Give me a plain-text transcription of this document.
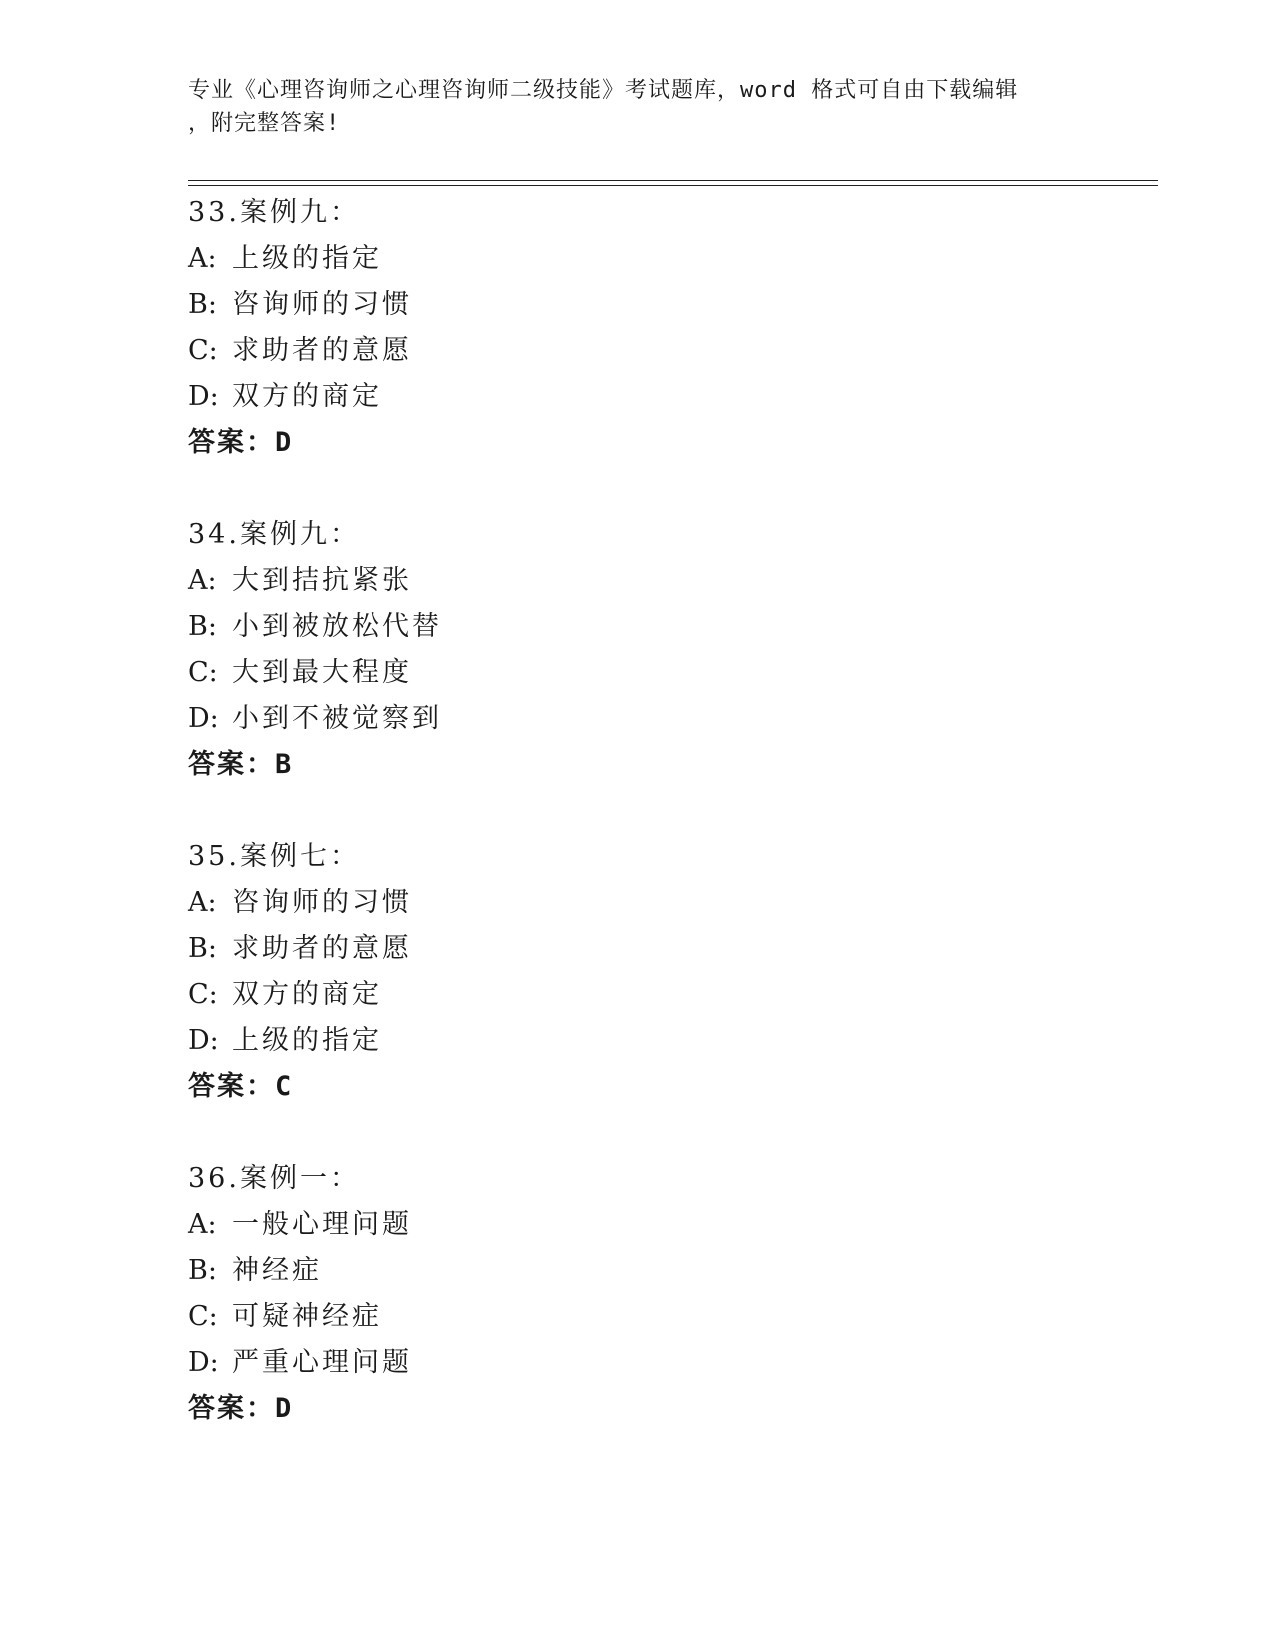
专业《心理咨询师之心理咨询师二级技能》考试题库，word 格式可自由下载编辑
，附完整答案!
33.案例九：
A: 上级的指定
B: 咨询师的习惯
C: 求助者的意愿
D: 双方的商定
答案：D
34.案例九：
A: 大到拮抗紧张
B: 小到被放松代替
C: 大到最大程度
D: 小到不被觉察到
答案：B
35.案例七：
A: 咨询师的习惯
B: 求助者的意愿
C: 双方的商定
D: 上级的指定
答案：C
36.案例一：
A: 一般心理问题
B: 神经症
C: 可疑神经症
D: 严重心理问题
答案：D
